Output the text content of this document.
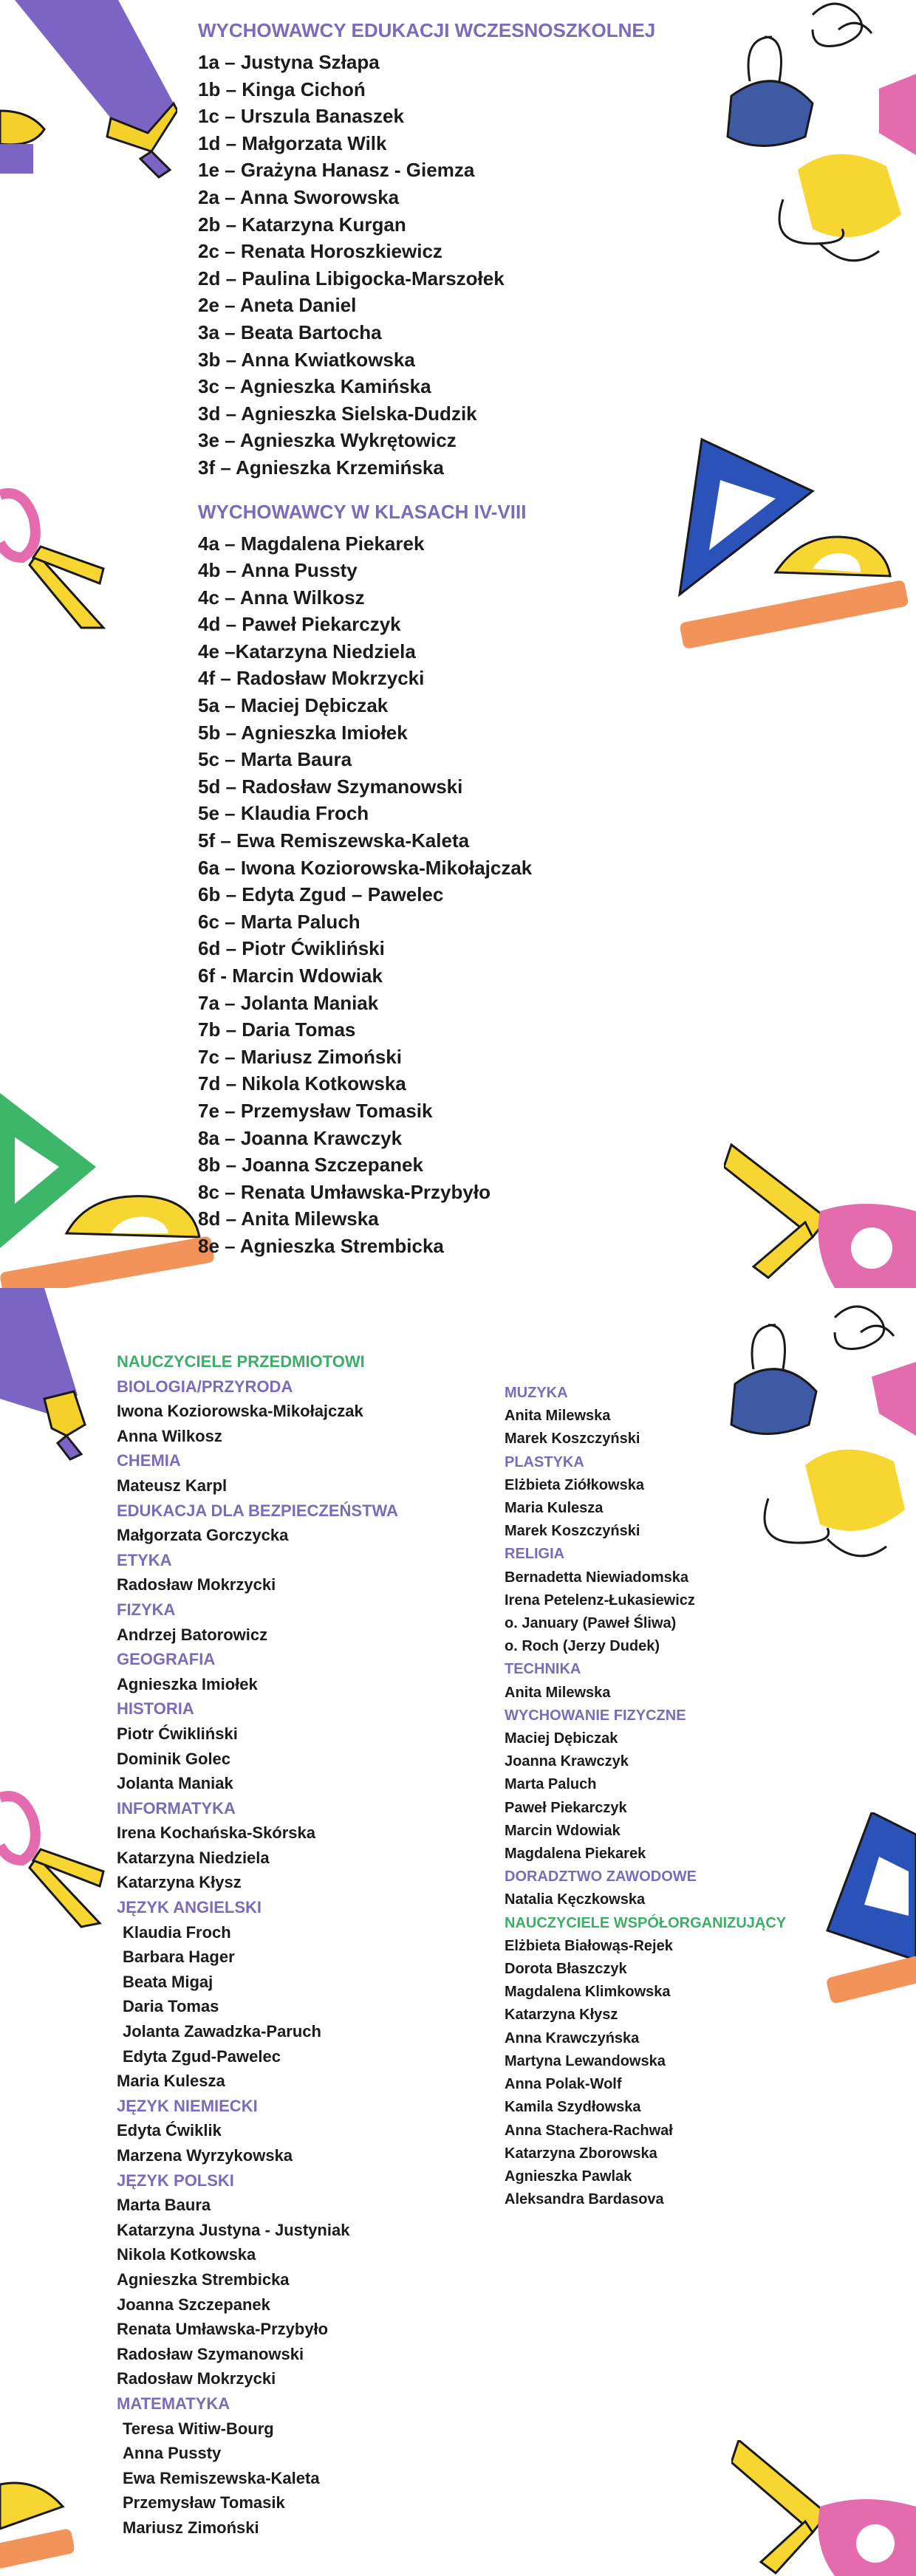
WYCHOWAWCY EDUKACJI WCZESNOSZKOLNEJ
1a – Justyna Szłapa
1b – Kinga Cichoń
1c – Urszula Banaszek
1d – Małgorzata Wilk
1e – Grażyna Hanasz - Giemza
2a – Anna Sworowska
2b – Katarzyna Kurgan
2c – Renata Horoszkiewicz
2d – Paulina Libigocka-Marszołek
2e – Aneta Daniel
3a – Beata Bartocha
3b – Anna Kwiatkowska
3c – Agnieszka Kamińska
3d – Agnieszka Sielska-Dudzik
3e – Agnieszka Wykrętowicz
3f – Agnieszka Krzemińska
WYCHOWAWCY W KLASACH IV-VIII
4a – Magdalena Piekarek
4b – Anna Pussty
4c – Anna Wilkosz
4d – Paweł Piekarczyk
4e –Katarzyna Niedziela
4f – Radosław Mokrzycki
5a – Maciej Dębiczak
5b – Agnieszka Imiołek
5c – Marta Baura
5d – Radosław Szymanowski
5e – Klaudia Froch
5f – Ewa Remiszewska-Kaleta
6a – Iwona Koziorowska-Mikołajczak
6b – Edyta Zgud – Pawelec
6c – Marta Paluch
6d – Piotr Ćwikliński
6f - Marcin Wdowiak
7a – Jolanta Maniak
7b – Daria Tomas
7c – Mariusz Zimoński
7d – Nikola Kotkowska
7e – Przemysław Tomasik
8a – Joanna Krawczyk
8b – Joanna Szczepanek
8c – Renata Umławska-Przybyło
8d – Anita Milewska
8e – Agnieszka Strembicka
NAUCZYCIELE PRZEDMIOTOWI
BIOLOGIA/PRZYRODA
Iwona Koziorowska-Mikołajczak
Anna Wilkosz
CHEMIA
Mateusz Karpl
EDUKACJA DLA BEZPIECZEŃSTWA
Małgorzata Gorczycka
ETYKA
Radosław Mokrzycki
FIZYKA
Andrzej Batorowicz
GEOGRAFIA
Agnieszka Imiołek
HISTORIA
Piotr Ćwikliński
Dominik Golec
Jolanta Maniak
INFORMATYKA
Irena Kochańska-Skórska
Katarzyna Niedziela
Katarzyna Kłysz
JĘZYK ANGIELSKI
Klaudia Froch
Barbara Hager
Beata Migaj
Daria Tomas
Jolanta Zawadzka-Paruch
Edyta Zgud-Pawelec
Maria Kulesza
JĘZYK NIEMIECKI
Edyta Ćwiklik
Marzena Wyrzykowska
JĘZYK POLSKI
Marta Baura
Katarzyna Justyna - Justyniak
Nikola Kotkowska
Agnieszka Strembicka
Joanna Szczepanek
Renata Umławska-Przybyło
Radosław Szymanowski
Radosław Mokrzycki
MATEMATYKA
Teresa Witiw-Bourg
Anna Pussty
Ewa Remiszewska-Kaleta
Przemysław Tomasik
Mariusz Zimoński
MUZYKA
Anita Milewska
Marek Koszczyński
PLASTYKA
Elżbieta Ziółkowska
Maria Kulesza
Marek Koszczyński
RELIGIA
Bernadetta Niewiadomska
Irena Petelenz-Łukasiewicz
o. January (Paweł Śliwa)
o. Roch (Jerzy Dudek)
TECHNIKA
Anita Milewska
WYCHOWANIE FIZYCZNE
Maciej Dębiczak
Joanna Krawczyk
Marta Paluch
Paweł Piekarczyk
Marcin Wdowiak
Magdalena Piekarek
DORADZTWO ZAWODOWE
Natalia Kęczkowska
NAUCZYCIELE WSPÓŁORGANIZUJĄCY
Elżbieta Białowąs-Rejek
Dorota Błaszczyk
Magdalena Klimkowska
Katarzyna Kłysz
Anna Krawczyńska
Martyna Lewandowska
Anna Polak-Wolf
Kamila Szydłowska
Anna Stachera-Rachwał
Katarzyna Zborowska
Agnieszka Pawlak
Aleksandra Bardasova
